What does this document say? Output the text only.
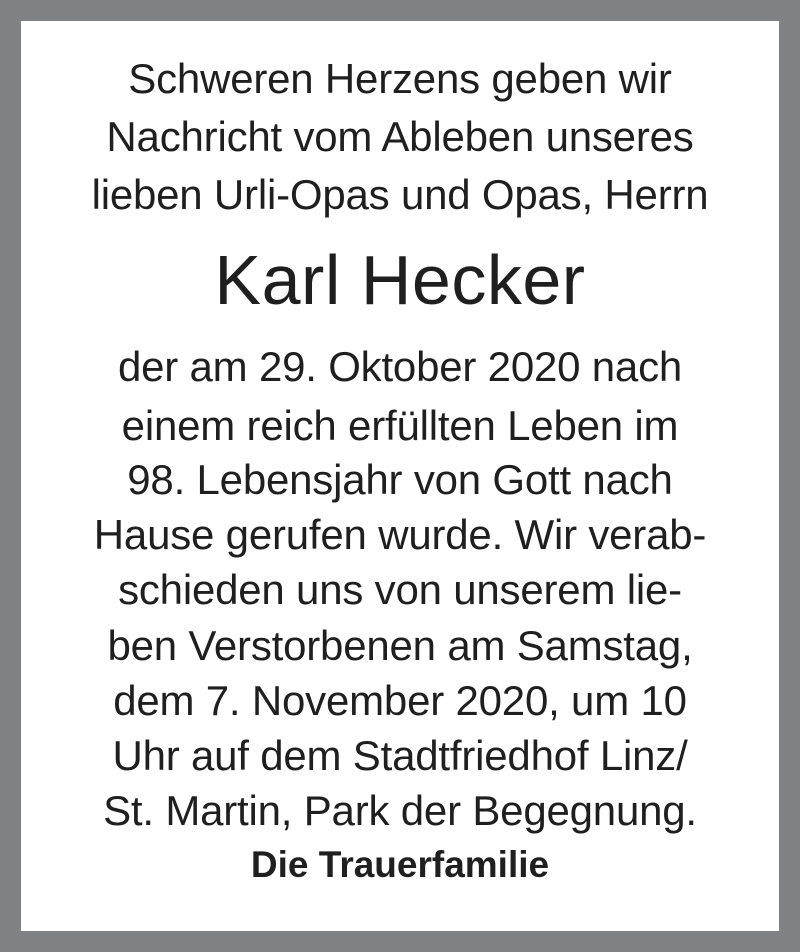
Schweren Herzens geben wir
Nachricht vom Ableben unseres
lieben Urli-Opas und Opas, Herrn
Karl Hecker
der am 29. Oktober 2020 nach
einem reich erfüllten Leben im
98. Lebensjahr von Gott nach
Hause gerufen wurde. Wir verab-
schieden uns von unserem lie-
ben Verstorbenen am Samstag,
dem 7. November 2020, um 10
Uhr auf dem Stadtfriedhof Linz/
St. Martin, Park der Begegnung.
Die Trauerfamilie
